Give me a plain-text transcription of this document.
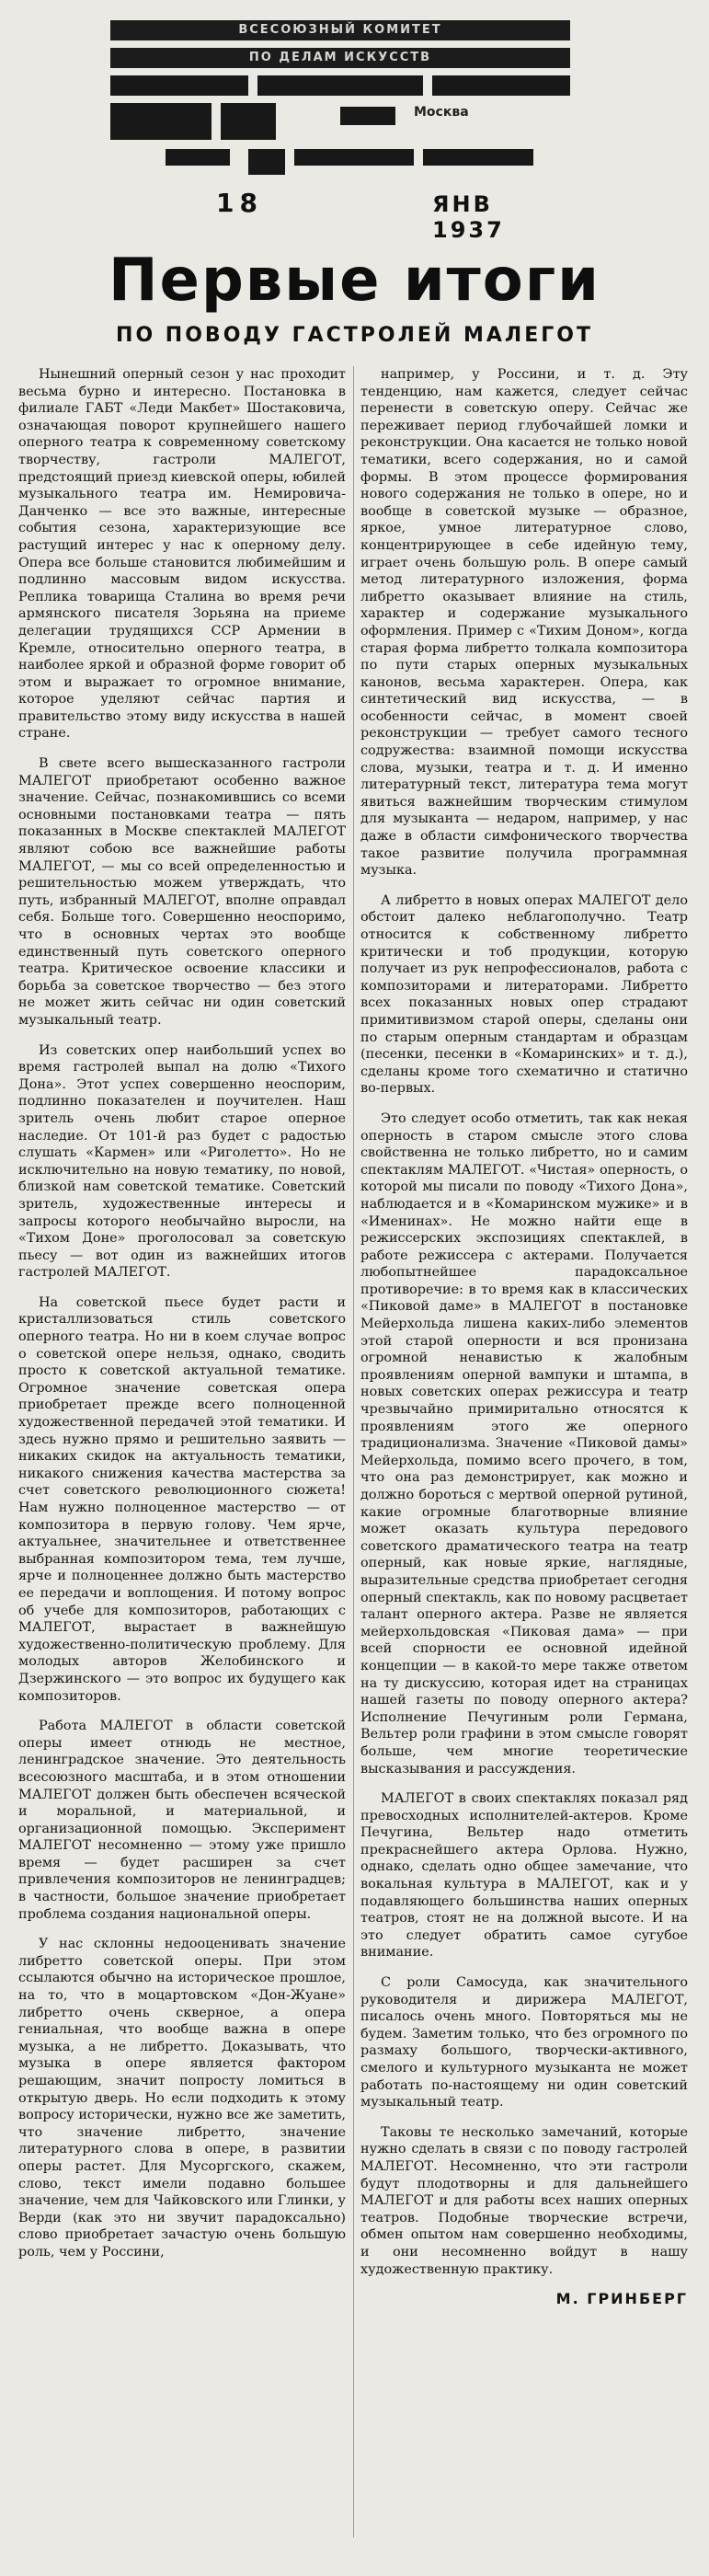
ВСЕСОЮЗНЫЙ КОМИТЕТ
ПО ДЕЛАМ ИСКУССТВ
Москва
18	ЯНВ 1937
Первые итоги
ПО ПОВОДУ ГАСТРОЛЕЙ МАЛЕГОТ

Нынешний оперный сезон у нас проходит весьма бурно и интересно. Постановка в филиале ГАБТ «Леди Макбет» Шостаковича, означающая поворот крупнейшего нашего оперного театра к современному советскому творчеству, гастроли МАЛЕГОТ, предстоящий приезд киевской оперы, юбилей музыкального театра им. Немировича-Данченко — все это важные, интересные события сезона, характеризующие все растущий интерес у нас к оперному делу. Опера все больше становится любимейшим и подлинно массовым видом искусства. Реплика товарища Сталина во время речи армянского писателя Зорьяна на приеме делегации трудящихся ССР Армении в Кремле, относительно оперного театра, в наиболее яркой и образной форме говорит об этом и выражает то огромное внимание, которое уделяют сейчас партия и правительство этому виду искусства в нашей стране.

В свете всего вышесказанного гастроли МАЛЕГОТ приобретают особенно важное значение. Сейчас, познакомившись со всеми основными постановками театра — пять показанных в Москве спектаклей МАЛЕГОТ являют собою все важнейшие работы МАЛЕГОТ, — мы со всей определенностью и решительностью можем утверждать, что путь, избранный МАЛЕГОТ, вполне оправдал себя. Больше того. Совершенно неоспоримо, что в основных чертах это вообще единственный путь советского оперного театра. Критическое освоение классики и борьба за советское творчество — без этого не может жить сейчас ни один советский музыкальный театр.

Из советских опер наибольший успех во время гастролей выпал на долю «Тихого Дона». Этот успех совершенно неоспорим, подлинно показателен и поучителен. Наш зритель очень любит старое оперное наследие. От 101-й раз будет с радостью слушать «Кармен» или «Риголетто». Но не исключительно на новую тематику, по новой, близкой нам советской тематике. Советский зритель, художественные интересы и запросы которого необычайно выросли, на «Тихом Доне» проголосовал за советскую пьесу — вот один из важнейших итогов гастролей МАЛЕГОТ.

На советской пьесе будет расти и кристаллизоваться стиль советского оперного театра. Но ни в коем случае вопрос о советской опере нельзя, однако, сводить просто к советской актуальной тематике. Огромное значение советская опера приобретает прежде всего полноценной художественной передачей этой тематики. И здесь нужно прямо и решительно заявить — никаких скидок на актуальность тематики, никакого снижения качества мастерства за счет советского революционного сюжета! Нам нужно полноценное мастерство — от композитора в первую голову. Чем ярче, актуальнее, значительнее и ответственнее выбранная композитором тема, тем лучше, ярче и полноценнее должно быть мастерство ее передачи и воплощения. И потому вопрос об учебе для композиторов, работающих с МАЛЕГОТ, вырастает в важнейшую художественно-политическую проблему. Для молодых авторов Желобинского и Дзержинского — это вопрос их будущего как композиторов.

Работа МАЛЕГОТ в области советской оперы имеет отнюдь не местное, ленинградское значение. Это деятельность всесоюзного масштаба, и в этом отношении МАЛЕГОТ должен быть обеспечен всяческой и моральной, и материальной, и организационной помощью. Эксперимент МАЛЕГОТ несомненно — этому уже пришло время — будет расширен за счет привлечения композиторов не ленинградцев; в частности, большое значение приобретает проблема создания национальной оперы.

У нас склонны недооценивать значение либретто советской оперы. При этом ссылаются обычно на историческое прошлое, на то, что в моцартовском «Дон-Жуане» либретто очень скверное, а опера гениальная, что вообще важна в опере музыка, а не либретто. Доказывать, что музыка в опере является фактором решающим, значит попросту ломиться в открытую дверь. Но если подходить к этому вопросу исторически, нужно все же заметить, что значение либретто, значение литературного слова в опере, в развитии оперы растет. Для Мусоргского, скажем, слово, текст имели подавно большее значение, чем для Чайковского или Глинки, у Верди (как это ни звучит парадоксально) слово приобретает зачастую очень большую роль, чем у Россини,

например, у Россини, и т. д. Эту тенденцию, нам кажется, следует сейчас перенести в советскую оперу. Сейчас же переживает период глубочайшей ломки и реконструкции. Она касается не только новой тематики, всего содержания, но и самой формы. В этом процессе формирования нового содержания не только в опере, но и вообще в советской музыке — образное, яркое, умное литературное слово, концентрирующее в себе идейную тему, играет очень большую роль. В опере самый метод литературного изложения, форма либретто оказывает влияние на стиль, характер и содержание музыкального оформления. Пример с «Тихим Доном», когда старая форма либретто толкала композитора по пути старых оперных музыкальных канонов, весьма характерен. Опера, как синтетический вид искусства, — в особенности сейчас, в момент своей реконструкции — требует самого тесного содружества: взаимной помощи искусства слова, музыки, театра и т. д. И именно литературный текст, литература тема могут явиться важнейшим творческим стимулом для музыканта — недаром, например, у нас даже в области симфонического творчества такое развитие получила программная музыка.

А либретто в новых операх МАЛЕГОТ дело обстоит далеко неблагополучно. Театр относится к собственному либретто критически и тоб продукции, которую получает из рук непрофессионалов, работа с композиторами и литераторами. Либретто всех показанных новых опер страдают примитивизмом старой оперы, сделаны они по старым оперным стандартам и образцам (песенки, песенки в «Комаринских» и т. д.), сделаны кроме того схематично и статично во-первых.

Это следует особо отметить, так как некая оперность в старом смысле этого слова свойственна не только либретто, но и самим спектаклям МАЛЕГОТ. «Чистая» оперность, о которой мы писали по поводу «Тихого Дона», наблюдается и в «Комаринском мужике» и в «Именинах». Не можно найти еще в режиссерских экспозициях спектаклей, в работе режиссера с актерами. Получается любопытнейшее парадоксальное противоречие: в то время как в классических «Пиковой даме» в МАЛЕГОТ в постановке Мейерхольда лишена каких-либо элементов этой старой оперности и вся пронизана огромной ненавистью к жалобным проявлениям оперной вампуки и штампа, в новых советских операх режиссура и театр чрезвычайно примиритально относятся к проявлениям этого же оперного традиционализма. Значение «Пиковой дамы» Мейерхольда, помимо всего прочего, в том, что она раз демонстрирует, как можно и должно бороться с мертвой оперной рутиной, какие огромные благотворные влияние может оказать культура передового советского драматического театра на театр оперный, как новые яркие, наглядные, выразительные средства приобретает сегодня оперный спектакль, как по новому расцветает талант оперного актера. Разве не является мейерхольдовская «Пиковая дама» — при всей спорности ее основной идейной концепции — в какой-то мере также ответом на ту дискуссию, которая идет на страницах нашей газеты по поводу оперного актера? Исполнение Печугиным роли Германа, Вельтер роли графини в этом смысле говорят больше, чем многие теоретические высказывания и рассуждения.

МАЛЕГОТ в своих спектаклях показал ряд превосходных исполнителей-актеров. Кроме Печугина, Вельтер надо отметить прекраснейшего актера Орлова. Нужно, однако, сделать одно общее замечание, что вокальная культура в МАЛЕГОТ, как и у подавляющего большинства наших оперных театров, стоят не на должной высоте. И на это следует обратить самое сугубое внимание.

С роли Самосуда, как значительного руководителя и дирижера МАЛЕГОТ, писалось очень много. Повторяться мы не будем. Заметим только, что без огромного по размаху большого, творчески-активного, смелого и культурного музыканта не может работать по-настоящему ни один советский музыкальный театр.

Таковы те несколько замечаний, которые нужно сделать в связи с по поводу гастролей МАЛЕГОТ. Несомненно, что эти гастроли будут плодотворны и для дальнейшего МАЛЕГОТ и для работы всех наших оперных театров. Подобные творческие встречи, обмен опытом нам совершенно необходимы, и они несомненно войдут в нашу художественную практику.

М. ГРИНБЕРГ
